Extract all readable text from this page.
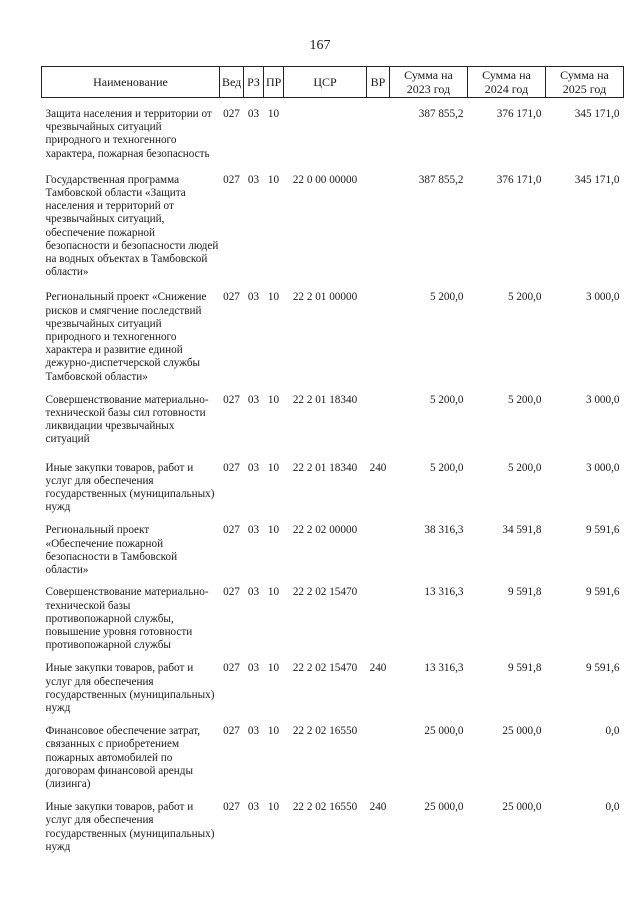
167
Наименование	Вед	РЗ	ПР	ЦСР	ВР	Сумма на 2023 год	Сумма на 2024 год	Сумма на 2025 год

Защита населения и территории от чрезвычайных ситуаций природного и техногенного характера, пожарная безопасность	027	03	10			387 855,2	376 171,0	345 171,0

Государственная программа Тамбовской области «Защита населения и территорий от чрезвычайных ситуаций, обеспечение пожарной безопасности и безопасности людей на водных объектах в Тамбовской области»	027	03	10	22 0 00 00000		387 855,2	376 171,0	345 171,0

Региональный проект «Снижение рисков и смягчение последствий чрезвычайных ситуаций природного и техногенного характера и развитие единой дежурно-диспетчерской службы Тамбовской области»	027	03	10	22 2 01 00000		5 200,0	5 200,0	3 000,0

Совершенствование материально-технической базы сил готовности ликвидации чрезвычайных ситуаций	027	03	10	22 2 01 18340		5 200,0	5 200,0	3 000,0

Иные закупки товаров, работ и услуг для обеспечения государственных (муниципальных) нужд	027	03	10	22 2 01 18340	240	5 200,0	5 200,0	3 000,0

Региональный проект «Обеспечение пожарной безопасности в Тамбовской области»	027	03	10	22 2 02 00000		38 316,3	34 591,8	9 591,6

Совершенствование материально-технической базы противопожарной службы, повышение уровня готовности противопожарной службы	027	03	10	22 2 02 15470		13 316,3	9 591,8	9 591,6

Иные закупки товаров, работ и услуг для обеспечения государственных (муниципальных) нужд	027	03	10	22 2 02 15470	240	13 316,3	9 591,8	9 591,6

Финансовое обеспечение затрат, связанных с приобретением пожарных автомобилей по договорам финансовой аренды (лизинга)	027	03	10	22 2 02 16550		25 000,0	25 000,0	0,0

Иные закупки товаров, работ и услуг для обеспечения государственных (муниципальных) нужд	027	03	10	22 2 02 16550	240	25 000,0	25 000,0	0,0
